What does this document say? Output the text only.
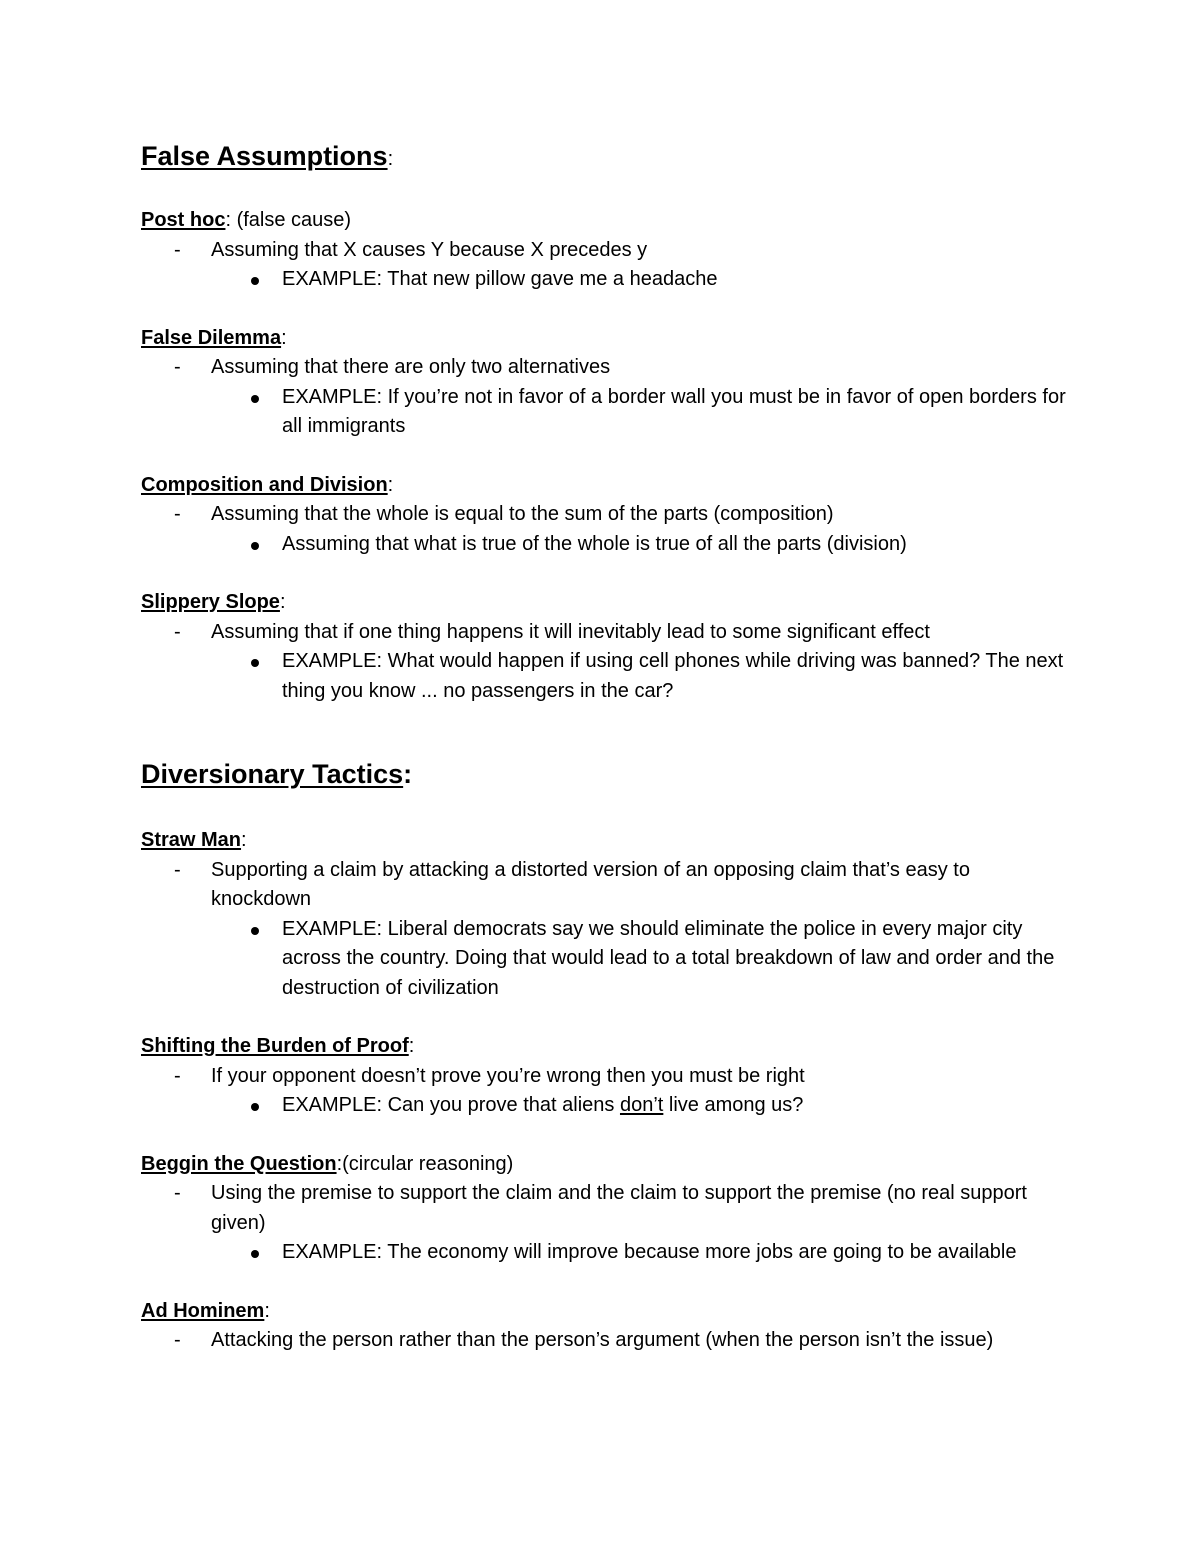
False Assumptions:
Post hoc: (false cause)
- Assuming that X causes Y because X precedes y
EXAMPLE: That new pillow gave me a headache
False Dilemma:
- Assuming that there are only two alternatives
EXAMPLE: If you’re not in favor of a border wall you must be in favor of open borders for all immigrants
Composition and Division:
- Assuming that the whole is equal to the sum of the parts (composition)
Assuming that what is true of the whole is true of all the parts (division)
Slippery Slope:
- Assuming that if one thing happens it will inevitably lead to some significant effect
EXAMPLE: What would happen if using cell phones while driving was banned? The next thing you know ... no passengers in the car?
Diversionary Tactics:
Straw Man:
- Supporting a claim by attacking a distorted version of an opposing claim that’s easy to knockdown
EXAMPLE: Liberal democrats say we should eliminate the police in every major city across the country. Doing that would lead to a total breakdown of law and order and the destruction of civilization
Shifting the Burden of Proof:
- If your opponent doesn’t prove you’re wrong then you must be right
EXAMPLE: Can you prove that aliens don’t live among us?
Beggin the Question:(circular reasoning)
- Using the premise to support the claim and the claim to support the premise (no real support given)
EXAMPLE: The economy will improve because more jobs are going to be available
Ad Hominem:
- Attacking the person rather than the person’s argument (when the person isn’t the issue)
